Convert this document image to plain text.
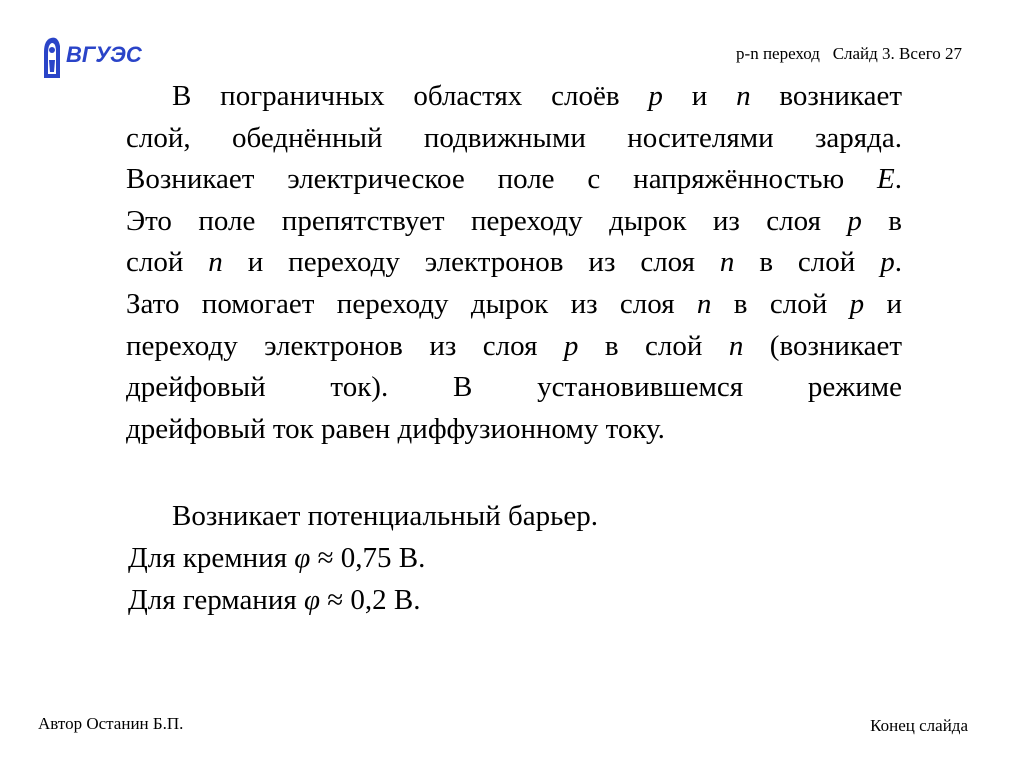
ВГУЭС	p-n переход Слайд 3. Всего 27
В пограничных областях слоёв p и n возникает
слой, обеднённый подвижными носителями заряда.
Возникает электрическое поле с напряжённостью E.
Это поле препятствует переходу дырок из слоя p в
слой n и переходу электронов из слоя n в слой p.
Зато помогает переходу дырок из слоя n в слой p и
переходу электронов из слоя p в слой n (возникает
дрейфовый ток). В установившемся режиме
дрейфовый ток равен диффузионному току.
Возникает потенциальный барьер.
Для кремния φ ≈ 0,75 В.
Для германия φ ≈ 0,2 В.
Автор Останин Б.П.	Конец слайда
